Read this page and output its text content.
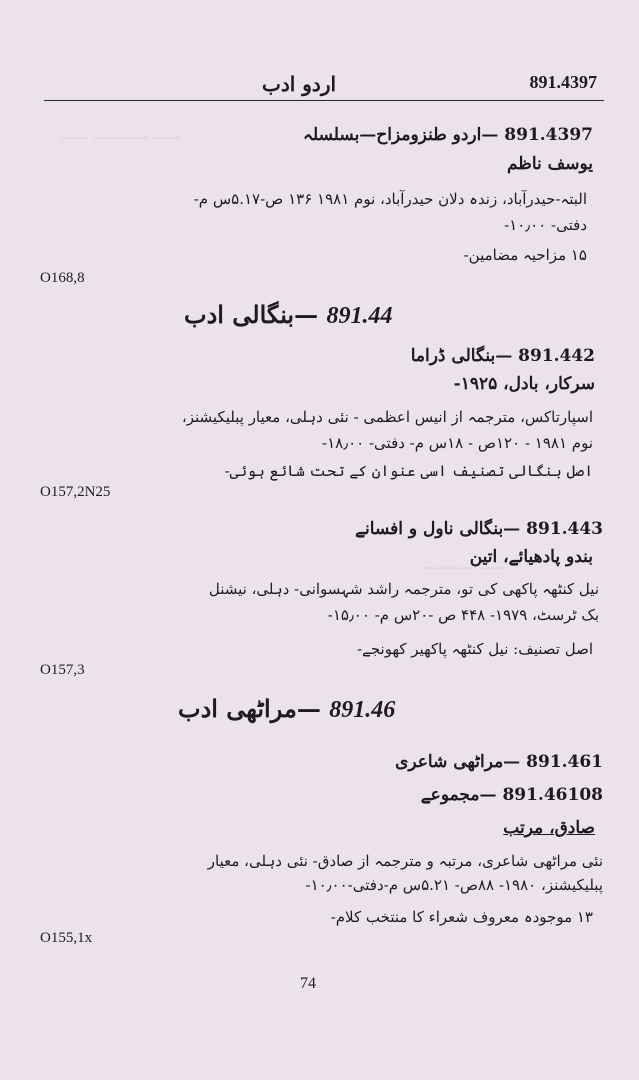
—— ———— ——
———— ——
اردو ادب	891.4397
891.4397 —اردو طنزومزاح—بسلسلہ
یوسف ناظم
البتہ-حیدرآباد، زندہ دلان حیدرآباد، نوم ۱۹۸۱ ۱۳۶ ص-۵.۱۷س م-
دفتی- ۱۰٫۰۰-
۱۵ مزاحیہ مضامین-
O168,8
—بنگالی ادب 891.44
891.442 —بنگالی ڈراما
سرکار، بادل، ۱۹۲۵-
اسپارتاکس، مترجمہ از انیس اعظمی - نئی دہلی، معیار پبلیکیشنز،
نوم ۱۹۸۱ - ۱۲۰ص - ۱۸س م- دفتی- ۱۸٫۰۰-
اصل بنگالی تصنیف اسی عنوان کے تحت شائع ہوئی-
O157,2N25
891.443 —بنگالی ناول و افسانے
بندو پادھیائے، اتین
نیل کنٹھہ پاکھی کی تو، مترجمہ راشد شہسوانی- دہلی، نیشنل
بک ٹرسٹ، ۱۹۷۹- ۴۴۸ ص -۲۰س م- ۱۵٫۰۰-
اصل تصنیف: نیل کنٹھہ پاکھیر کھونجے-
O157,3
—مراٹھی ادب 891.46
891.461 —مراٹھی شاعری
891.46108 —مجموعے
صادق، مرتب
نئی مراٹھی شاعری، مرتبہ و مترجمہ از صادق- نئی دہلی، معیار
پبلیکیشنز، ۱۹۸۰- ۸۸ص- ۵.۲۱س م-دفتی-۱۰٫۰۰-
۱۳ موجودہ معروف شعراء کا منتخب کلام-
O155,1x
74
